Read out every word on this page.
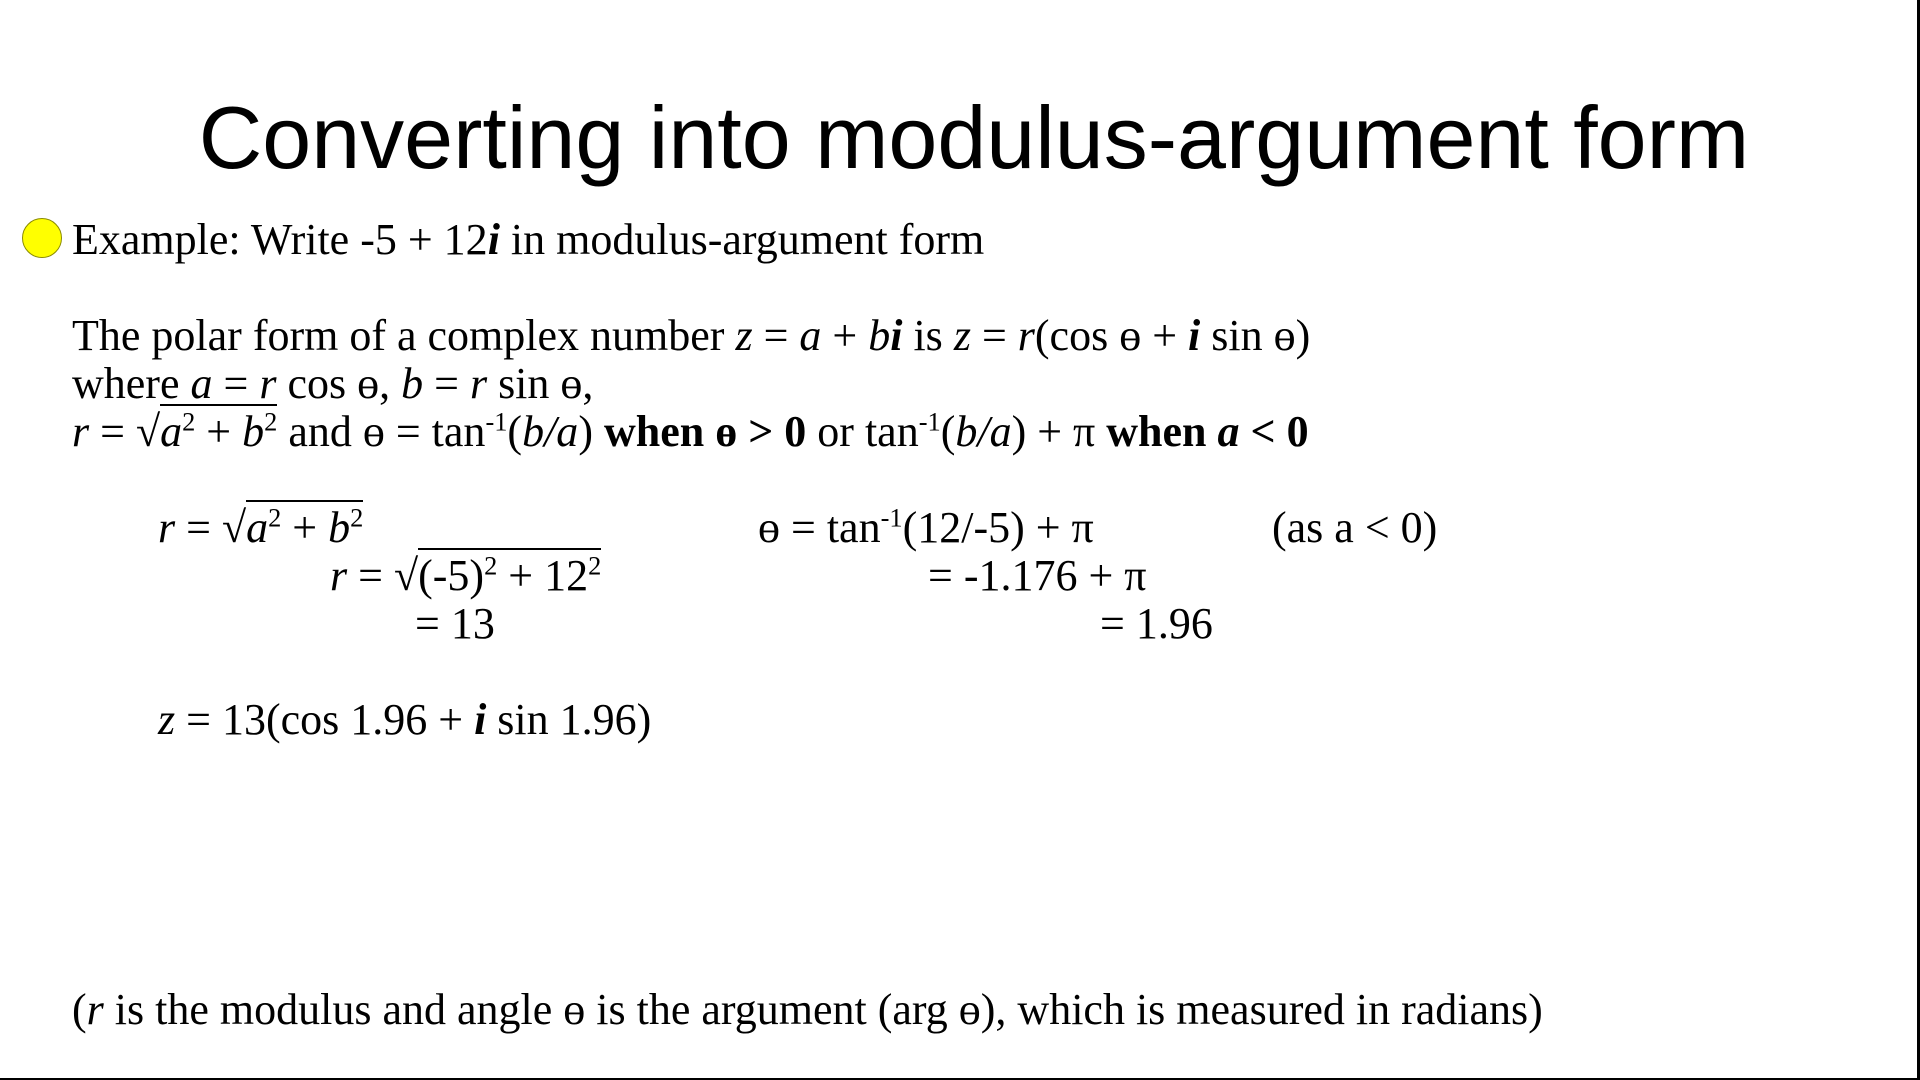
Converting into modulus-argument form
Example: Write -5 + 12i in modulus-argument form
The polar form of a complex number z = a + bi is z = r(cos ɵ + i sin ɵ)
where a = r cos ɵ, b = r sin ɵ,
$r = √a^2 + b^2$ and ɵ = $\tan^{-1}(b/a)$ when ɵ > 0 or $\tan^{-1}(b/a) + \pi$ when a < 0
$r = √a^2 + b^2$
$r = √(-5)^2 + 12^2$
= 13
ɵ = $\tan^{-1}(12/-5) + \pi$	(as a < 0)
= -1.176 + π
= 1.96
z = 13(cos 1.96 + i sin 1.96)
(r is the modulus and angle ɵ is the argument (arg ɵ), which is measured in radians)
